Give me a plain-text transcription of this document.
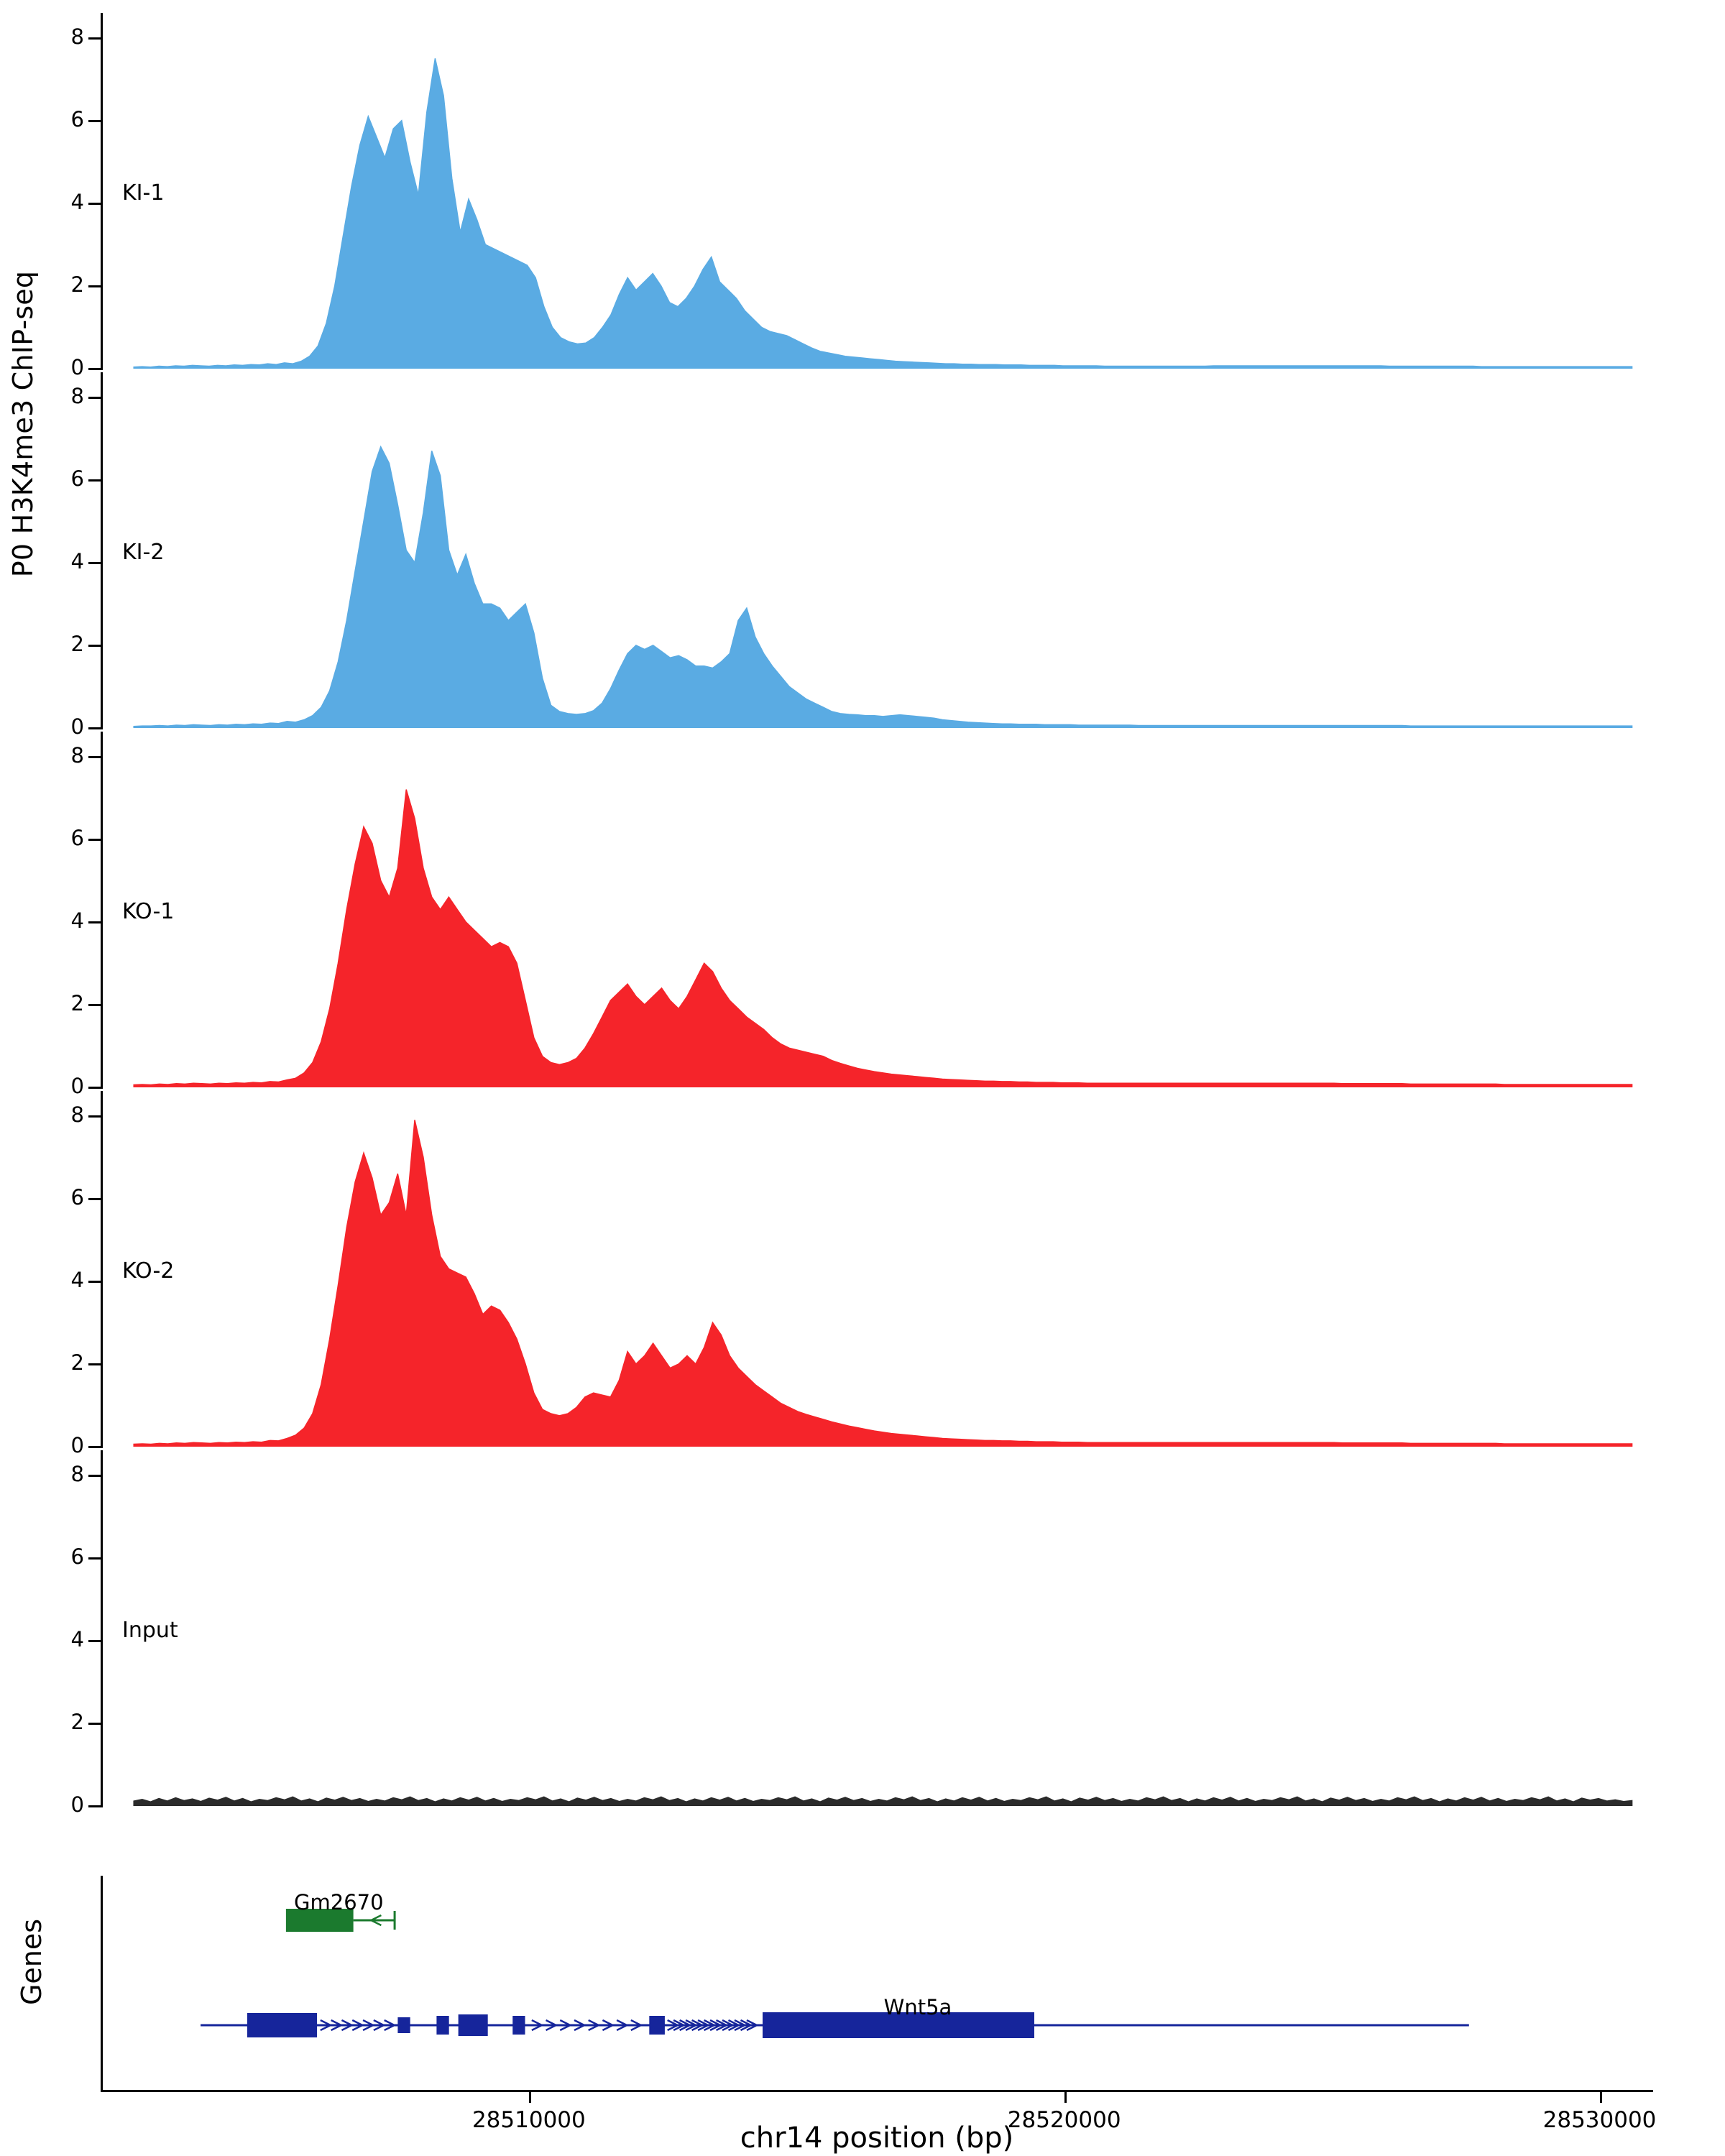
P0 H3K4me3 ChIP-seq
Genes
8
6
4
2
0
KI-1
8
6
4
2
0
KI-2
8
6
4
2
0
KO-1
8
6
4
2
0
KO-2
8
6
4
2
0
Input
Gm2670
Wnt5a
28510000	28520000	28530000
chr14 position (bp)
